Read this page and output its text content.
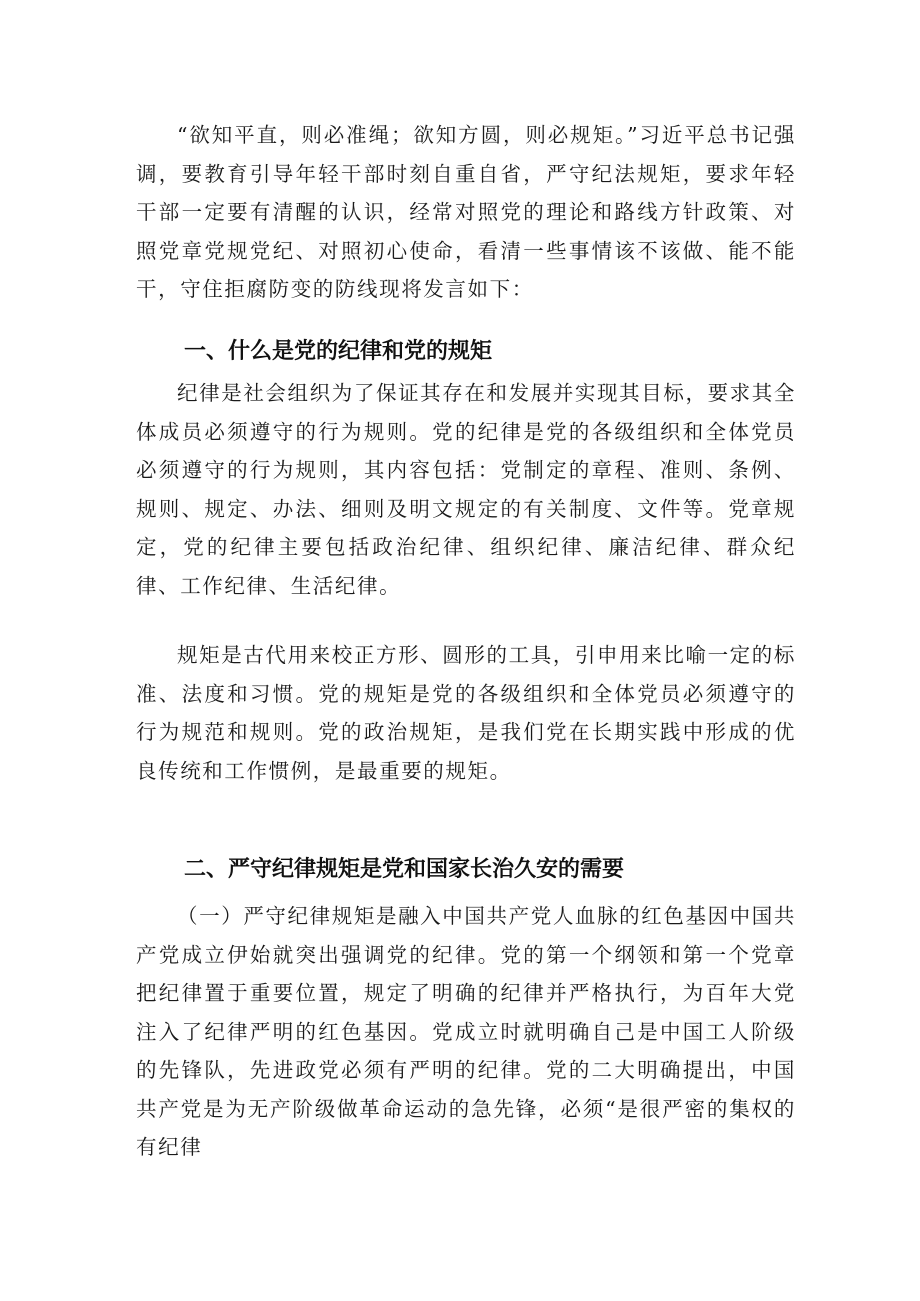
“欲知平直，则必准绳；欲知方圆，则必规矩。”习近平总书记强调，要教育引导年轻干部时刻自重自省，严守纪法规矩，要求年轻干部一定要有清醒的认识，经常对照党的理论和路线方针政策、对照党章党规党纪、对照初心使命，看清一些事情该不该做、能不能干，守住拒腐防变的防线现将发言如下：

一、什么是党的纪律和党的规矩

纪律是社会组织为了保证其存在和发展并实现其目标，要求其全体成员必须遵守的行为规则。党的纪律是党的各级组织和全体党员必须遵守的行为规则，其内容包括：党制定的章程、准则、条例、规则、规定、办法、细则及明文规定的有关制度、文件等。党章规定，党的纪律主要包括政治纪律、组织纪律、廉洁纪律、群众纪律、工作纪律、生活纪律。

规矩是古代用来校正方形、圆形的工具，引申用来比喻一定的标准、法度和习惯。党的规矩是党的各级组织和全体党员必须遵守的行为规范和规则。党的政治规矩，是我们党在长期实践中形成的优良传统和工作惯例，是最重要的规矩。

二、严守纪律规矩是党和国家长治久安的需要

（一）严守纪律规矩是融入中国共产党人血脉的红色基因中国共产党成立伊始就突出强调党的纪律。党的第一个纲领和第一个党章把纪律置于重要位置，规定了明确的纪律并严格执行，为百年大党注入了纪律严明的红色基因。党成立时就明确自己是中国工人阶级的先锋队，先进政党必须有严明的纪律。党的二大明确提出，中国共产党是为无产阶级做革命运动的急先锋，必须“是很严密的集权的有纪律
